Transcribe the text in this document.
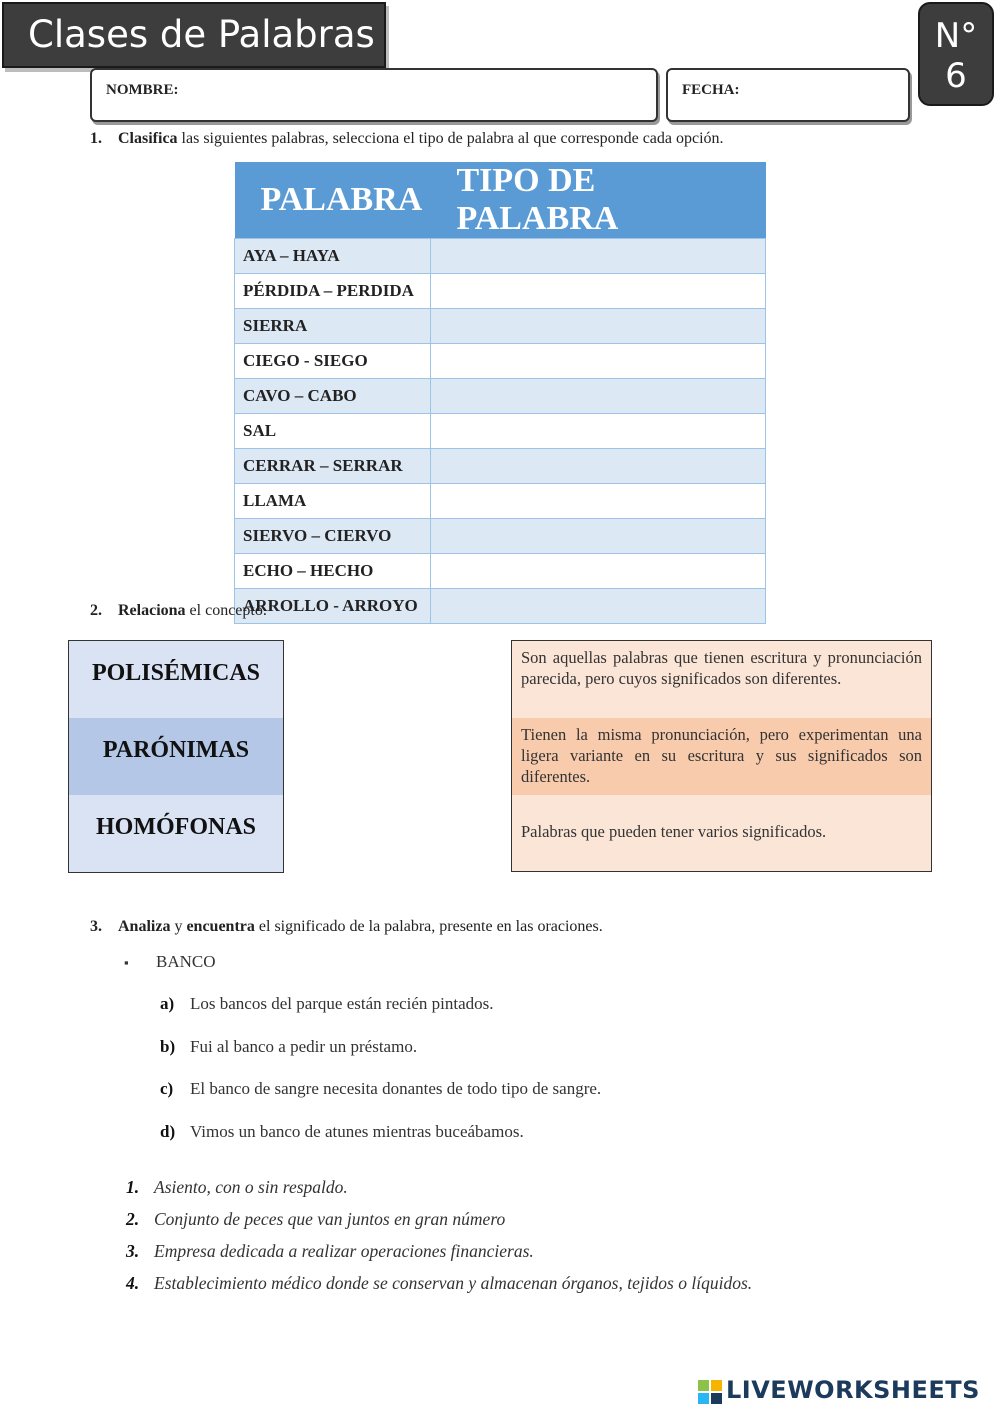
Clases de Palabras	N°
6
NOMBRE:	FECHA:
1. Clasifica las siguientes palabras, selecciona el tipo de palabra al que corresponde cada opción.
PALABRA	TIPO DE PALABRA
AYA – HAYA	
PÉRDIDA – PERDIDA	
SIERRA	
CIEGO - SIEGO	
CAVO – CABO	
SAL	
CERRAR – SERRAR	
LLAMA	
SIERVO – CIERVO	
ECHO – HECHO	
ARROLLO - ARROYO	
2. Relaciona el concepto.
POLISÉMICAS
PARÓNIMAS
HOMÓFONAS
Son aquellas palabras que tienen escritura y pronunciación parecida, pero cuyos significados son diferentes.
Tienen la misma pronunciación, pero experimentan una ligera variante en su escritura y sus significados son diferentes.
Palabras que pueden tener varios significados.
3. Analiza y encuentra el significado de la palabra, presente en las oraciones.
▪ BANCO
a) Los bancos del parque están recién pintados.
b) Fui al banco a pedir un préstamo.
c) El banco de sangre necesita donantes de todo tipo de sangre.
d) Vimos un banco de atunes mientras buceábamos.
1. Asiento, con o sin respaldo.
2. Conjunto de peces que van juntos en gran número
3. Empresa dedicada a realizar operaciones financieras.
4. Establecimiento médico donde se conservan y almacenan órganos, tejidos o líquidos.
LIVEWORKSHEETS
